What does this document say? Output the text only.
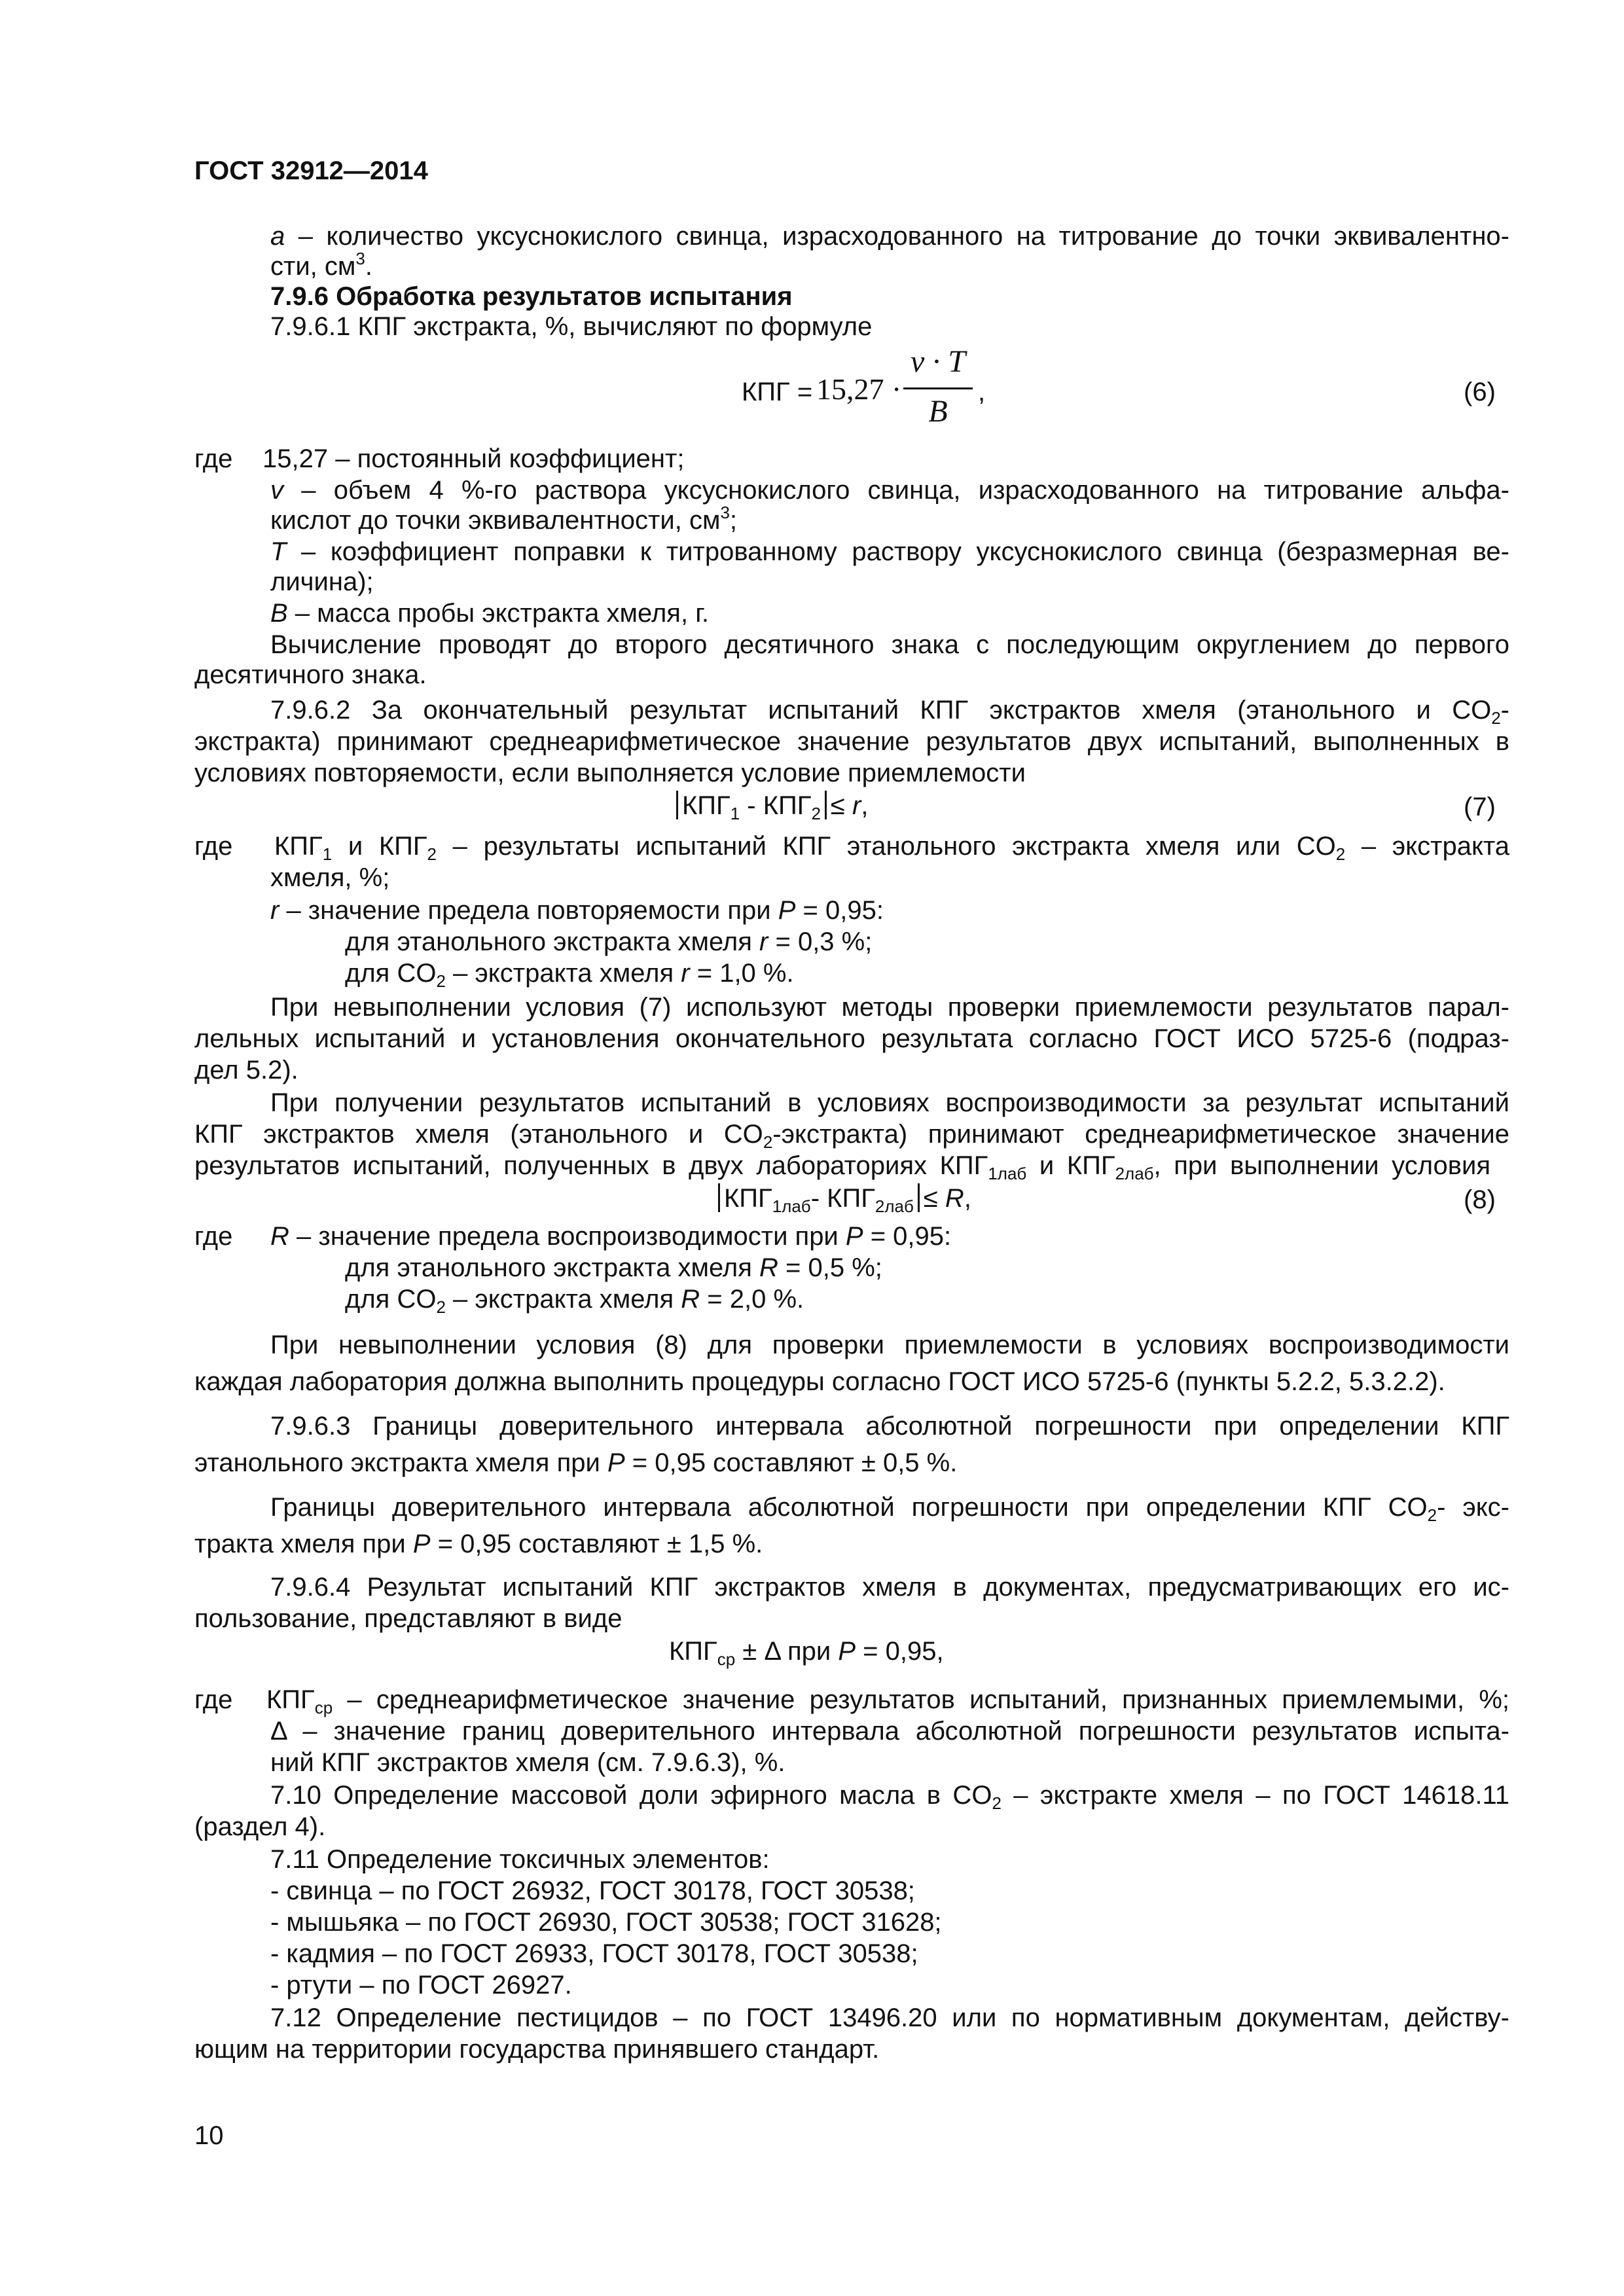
ГОСТ 32912—2014
a – количество уксуснокислого свинца, израсходованного на титрование до точки эквивалентно-
сти, $см^3$.
7.9.6 Обработка результатов испытания
7.9.6.1 КПГ экстракта, %, вычисляют по формуле
КПГ = 15,27 ·
v · T
B
,	(6)
где 15,27 – постоянный коэффициент;
v – объем 4 %-го раствора уксуснокислого свинца, израсходованного на титрование альфа-
кислот до точки эквивалентности, $см^3$;
T – коэффициент поправки к титрованному раствору уксуснокислого свинца (безразмерная ве-
личина);
B – масса пробы экстракта хмеля, г.
Вычисление проводят до второго десятичного знака с последующим округлением до первого
десятичного знака.
7.9.6.2 За окончательный результат испытаний КПГ экстрактов хмеля (этанольного и $CO_2-$
экстракта) принимают среднеарифметическое значение результатов двух испытаний, выполненных в
условиях повторяемости, если выполняется условие приемлемости
$КПГ_1 - КПГ_2 \le r$,	(7)
где $КПГ_1$ и $КПГ_2$ – результаты испытаний КПГ этанольного экстракта хмеля или $CO_2$ – экстракта
хмеля, %;
r – значение предела повторяемости при P = 0,95:
для этанольного экстракта хмеля r = 0,3 %;
для $CO_2$ – экстракта хмеля r = 1,0 %.
При невыполнении условия (7) используют методы проверки приемлемости результатов парал-
лельных испытаний и установления окончательного результата согласно ГОСТ ИСО 5725-6 (подраз-
дел 5.2).
При получении результатов испытаний в условиях воспроизводимости за результат испытаний
КПГ экстрактов хмеля (этанольного и $CO_2-экстракта$) принимают среднеарифметическое значение
результатов испытаний, полученных в двух лабораториях $КПГ_{1лаб}$ и $КПГ_{2лаб}$, при выполнении условия
$КПГ_{1лаб}-$ $КПГ_{2лаб} \le R$,	(8)
где R – значение предела воспроизводимости при P = 0,95:
для этанольного экстракта хмеля R = 0,5 %;
для $CO_2$ – экстракта хмеля R = 2,0 %.
При невыполнении условия (8) для проверки приемлемости в условиях воспроизводимости
каждая лаборатория должна выполнить процедуры согласно ГОСТ ИСО 5725-6 (пункты 5.2.2, 5.3.2.2).
7.9.6.3 Границы доверительного интервала абсолютной погрешности при определении КПГ
этанольного экстракта хмеля при P = 0,95 составляют ± 0,5 %.
Границы доверительного интервала абсолютной погрешности при определении КПГ $CO_2-$ экс-
тракта хмеля при P = 0,95 составляют ± 1,5 %.
7.9.6.4 Результат испытаний КПГ экстрактов хмеля в документах, предусматривающих его ис-
пользование, представляют в виде
$КПГ_{ср} \pm \Delta$ при P = 0,95,
где $КПГ_{ср}$ – среднеарифметическое значение результатов испытаний, признанных приемлемыми, %;
Δ – значение границ доверительного интервала абсолютной погрешности результатов испыта-
ний КПГ экстрактов хмеля (см. 7.9.6.3), %.
7.10 Определение массовой доли эфирного масла в $CO_2$ – экстракте хмеля – по ГОСТ 14618.11
(раздел 4).
7.11 Определение токсичных элементов:
- свинца – по ГОСТ 26932, ГОСТ 30178, ГОСТ 30538;
- мышьяка – по ГОСТ 26930, ГОСТ 30538; ГОСТ 31628;
- кадмия – по ГОСТ 26933, ГОСТ 30178, ГОСТ 30538;
- ртути – по ГОСТ 26927.
7.12 Определение пестицидов – по ГОСТ 13496.20 или по нормативным документам, действу-
ющим на территории государства принявшего стандарт.
10
